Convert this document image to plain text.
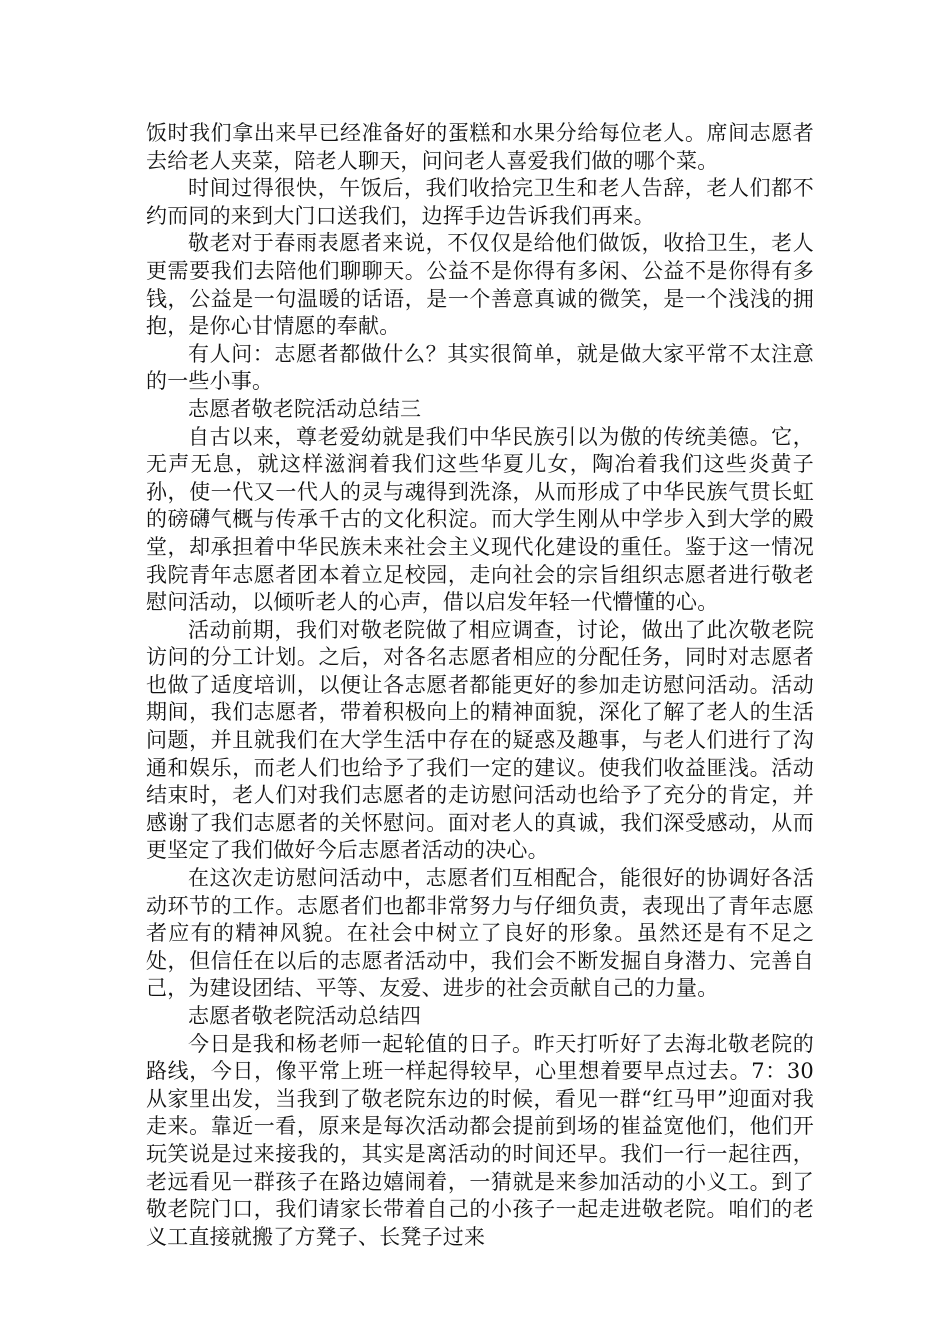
饭时我们拿出来早已经准备好的蛋糕和水果分给每位老人。席间志愿者去给老人夹菜，陪老人聊天，问问老人喜爱我们做的哪个菜。

时间过得很快，午饭后，我们收拾完卫生和老人告辞，老人们都不约而同的来到大门口送我们，边挥手边告诉我们再来。

敬老对于春雨表愿者来说，不仅仅是给他们做饭，收拾卫生，老人更需要我们去陪他们聊聊天。公益不是你得有多闲、公益不是你得有多钱，公益是一句温暖的话语，是一个善意真诚的微笑，是一个浅浅的拥抱，是你心甘情愿的奉献。

有人问：志愿者都做什么？其实很简单，就是做大家平常不太注意的一些小事。

志愿者敬老院活动总结三

自古以来，尊老爱幼就是我们中华民族引以为傲的传统美德。它，无声无息，就这样滋润着我们这些华夏儿女，陶冶着我们这些炎黄子孙，使一代又一代人的灵与魂得到洗涤，从而形成了中华民族气贯长虹的磅礴气概与传承千古的文化积淀。而大学生刚从中学步入到大学的殿堂，却承担着中华民族未来社会主义现代化建设的重任。鉴于这一情况我院青年志愿者团本着立足校园，走向社会的宗旨组织志愿者进行敬老慰问活动，以倾听老人的心声，借以启发年轻一代懵懂的心。

活动前期，我们对敬老院做了相应调查，讨论，做出了此次敬老院访问的分工计划。之后，对各名志愿者相应的分配任务，同时对志愿者也做了适度培训，以便让各志愿者都能更好的参加走访慰问活动。活动期间，我们志愿者，带着积极向上的精神面貌，深化了解了老人的生活问题，并且就我们在大学生活中存在的疑惑及趣事，与老人们进行了沟通和娱乐，而老人们也给予了我们一定的建议。使我们收益匪浅。活动结束时，老人们对我们志愿者的走访慰问活动也给予了充分的肯定，并感谢了我们志愿者的关怀慰问。面对老人的真诚，我们深受感动，从而更坚定了我们做好今后志愿者活动的决心。

在这次走访慰问活动中，志愿者们互相配合，能很好的协调好各活动环节的工作。志愿者们也都非常努力与仔细负责，表现出了青年志愿者应有的精神风貌。在社会中树立了良好的形象。虽然还是有不足之处，但信任在以后的志愿者活动中，我们会不断发掘自身潜力、完善自己，为建设团结、平等、友爱、进步的社会贡献自己的力量。

志愿者敬老院活动总结四

今日是我和杨老师一起轮值的日子。昨天打听好了去海北敬老院的路线，今日，像平常上班一样起得较早，心里想着要早点过去。7：30从家里出发，当我到了敬老院东边的时候，看见一群“红马甲”迎面对我走来。靠近一看，原来是每次活动都会提前到场的崔益宽他们，他们开玩笑说是过来接我的，其实是离活动的时间还早。我们一行一起往西，老远看见一群孩子在路边嬉闹着，一猜就是来参加活动的小义工。到了敬老院门口，我们请家长带着自己的小孩子一起走进敬老院。咱们的老义工直接就搬了方凳子、长凳子过来
